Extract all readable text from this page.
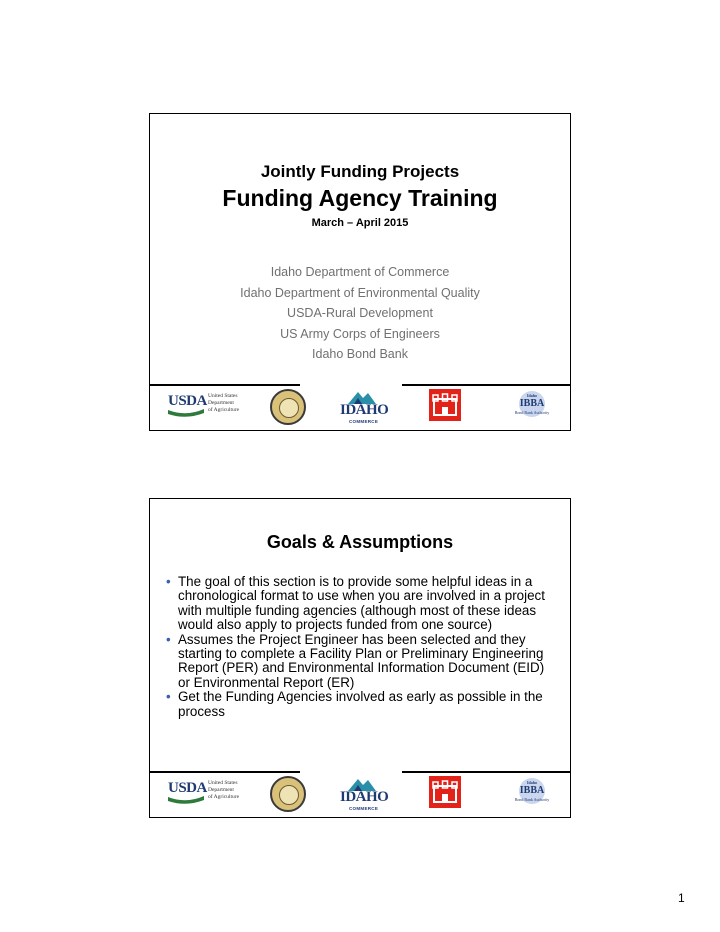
Jointly Funding Projects
Funding Agency Training
March – April 2015
Idaho Department of Commerce
Idaho Department of Environmental Quality
USDA-Rural Development
US Army Corps of Engineers
Idaho Bond Bank
USDA United States
Department
of Agriculture	IDAHO
COMMERCE
Idaho
IBBA
Bond Bank Authority
Goals & Assumptions
• The goal of this section is to provide some helpful ideas in a chronological format to use when you are involved in a project with multiple funding agencies (although most of these ideas would also apply to projects funded from one source)
• Assumes the Project Engineer has been selected and they starting to complete a Facility Plan or Preliminary Engineering Report (PER) and Environmental Information Document (EID) or Environmental Report (ER)
• Get the Funding Agencies involved as early as possible in the process
USDA United States
Department
of Agriculture	IDAHO
COMMERCE
Idaho
IBBA
Bond Bank Authority
1
